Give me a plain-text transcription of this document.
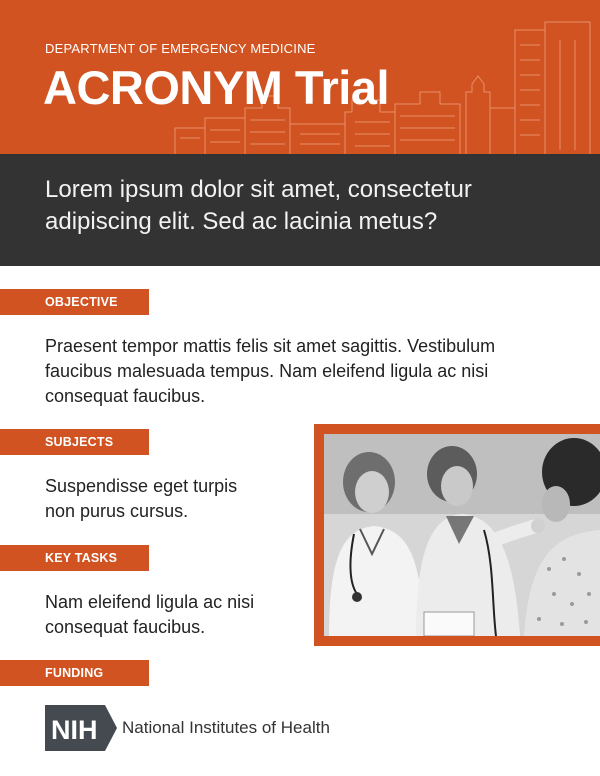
DEPARTMENT OF EMERGENCY MEDICINE
ACRONYM Trial
Lorem ipsum dolor sit amet, consectetur adipiscing elit. Sed ac lacinia metus?
OBJECTIVE
Praesent tempor mattis felis sit amet sagittis. Vestibulum faucibus malesuada tempus. Nam eleifend ligula ac nisi consequat faucibus.
SUBJECTS
Suspendisse eget turpis non purus cursus.
KEY TASKS
Nam eleifend ligula ac nisi consequat faucibus.
FUNDING
NIH National Institutes of Health
